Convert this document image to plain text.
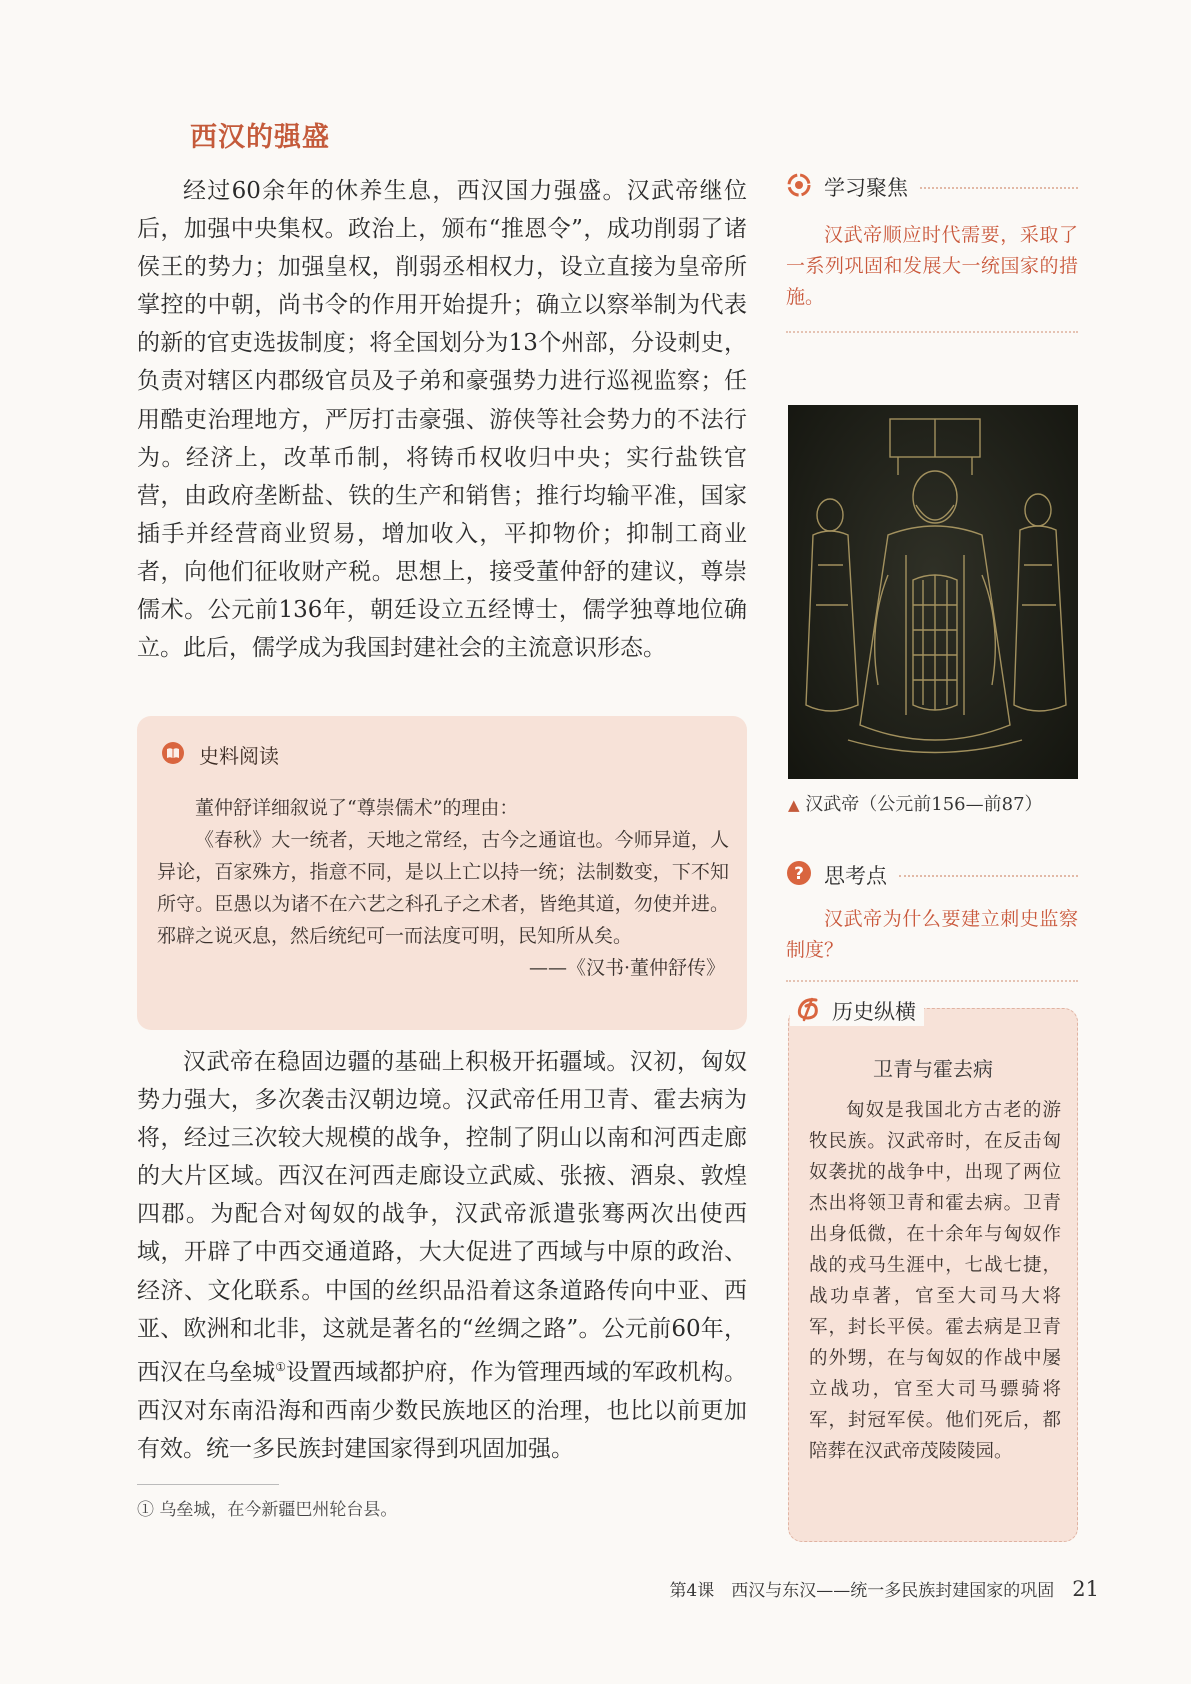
西汉的强盛

经过60余年的休养生息，西汉国力强盛。汉武帝继位后，加强中央集权。政治上，颁布“推恩令”，成功削弱了诸侯王的势力；加强皇权，削弱丞相权力，设立直接为皇帝所掌控的中朝，尚书令的作用开始提升；确立以察举制为代表的新的官吏选拔制度；将全国划分为13个州部，分设刺史，负责对辖区内郡级官员及子弟和豪强势力进行巡视监察；任用酷吏治理地方，严厉打击豪强、游侠等社会势力的不法行为。经济上，改革币制，将铸币权收归中央；实行盐铁官营，由政府垄断盐、铁的生产和销售；推行均输平准，国家插手并经营商业贸易，增加收入，平抑物价；抑制工商业者，向他们征收财产税。思想上，接受董仲舒的建议，尊崇儒术。公元前136年，朝廷设立五经博士，儒学独尊地位确立。此后，儒学成为我国封建社会的主流意识形态。

史料阅读

董仲舒详细叙说了“尊崇儒术”的理由：

《春秋》大一统者，天地之常经，古今之通谊也。今师异道，人异论，百家殊方，指意不同，是以上亡以持一统；法制数变，下不知所守。臣愚以为诸不在六艺之科孔子之术者，皆绝其道，勿使并进。邪辟之说灭息，然后统纪可一而法度可明，民知所从矣。

——《汉书·董仲舒传》

汉武帝在稳固边疆的基础上积极开拓疆域。汉初，匈奴势力强大，多次袭击汉朝边境。汉武帝任用卫青、霍去病为将，经过三次较大规模的战争，控制了阴山以南和河西走廊的大片区域。西汉在河西走廊设立武威、张掖、酒泉、敦煌四郡。为配合对匈奴的战争，汉武帝派遣张骞两次出使西域，开辟了中西交通道路，大大促进了西域与中原的政治、经济、文化联系。中国的丝织品沿着这条道路传向中亚、西亚、欧洲和北非，这就是著名的“丝绸之路”。公元前60年，西汉在乌垒城①设置西域都护府，作为管理西域的军政机构。西汉对东南沿海和西南少数民族地区的治理，也比以前更加有效。统一多民族封建国家得到巩固加强。

① 乌垒城，在今新疆巴州轮台县。
学习聚焦
汉武帝顺应时代需要，采取了一系列巩固和发展大一统国家的措施。
▲ 汉武帝（公元前156—前87）
? 思考点
汉武帝为什么要建立刺史监察制度？
卫青与霍去病

匈奴是我国北方古老的游牧民族。汉武帝时，在反击匈奴袭扰的战争中，出现了两位杰出将领卫青和霍去病。卫青出身低微，在十余年与匈奴作战的戎马生涯中，七战七捷，战功卓著，官至大司马大将军，封长平侯。霍去病是卫青的外甥，在与匈奴的作战中屡立战功，官至大司马骠骑将军，封冠军侯。他们死后，都陪葬在汉武帝茂陵陵园。

历史纵横
第4课　西汉与东汉——统一多民族封建国家的巩固 21
